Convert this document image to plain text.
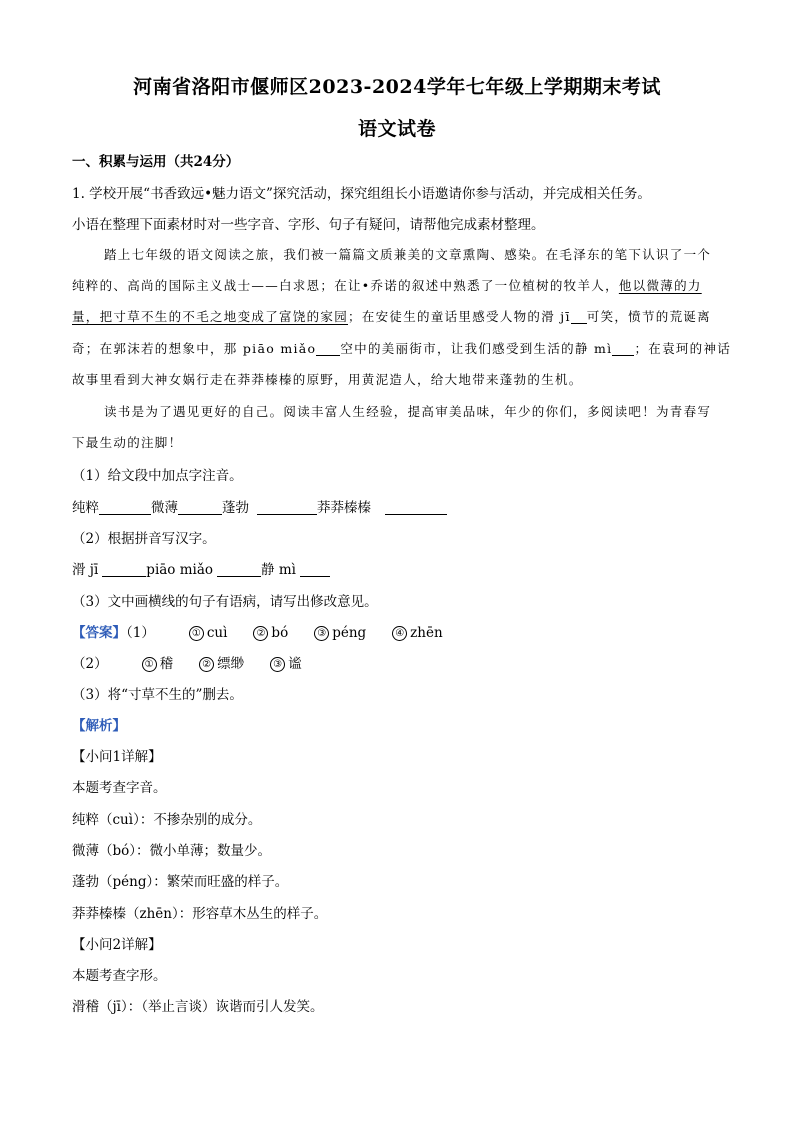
河南省洛阳市偃师区2023-2024学年七年级上学期期末考试
语文试卷
一、积累与运用（共24分）
1. 学校开展“书香致远•魅力语文”探究活动，探究组组长小语邀请你参与活动，并完成相关任务。
小语在整理下面素材时对一些字音、字形、句子有疑问，请帮他完成素材整理。
踏上七年级的语文阅读之旅，我们被一篇篇文质兼美的文章熏陶、感染。在毛泽东的笔下认识了一个
纯粹的、高尚的国际主义战士——白求恩；在让•乔诺的叙述中熟悉了一位植树的牧羊人，他以微薄的力
量，把寸草不生的不毛之地变成了富饶的家园；在安徒生的童话里感受人物的滑 jī 可笑，愤节的荒诞离
奇；在郭沫若的想象中，那 piāo miǎo 空中的美丽街市，让我们感受到生活的静 mì ；在袁珂的神话
故事里看到大神女娲行走在莽莽榛榛的原野，用黄泥造人，给大地带来蓬勃的生机。
读书是为了遇见更好的自己。阅读丰富人生经验，提高审美品味，年少的你们，多阅读吧！为青春写
下最生动的注脚！
（1）给文段中加点字注音。
纯粹	微薄	蓬勃	莽莽榛榛
（2）根据拼音写汉字。
滑 jī	piāo miǎo	静 mì
（3）文中画横线的句子有语病，请写出修改意见。
【答案】（1）	① cuì	② bó	③ péng	④ zhēn
（2）	① 稽	② 缥缈	③ 谧
（3）将“寸草不生的”删去。
【解析】
【小问1详解】
本题考查字音。
纯粹（cuì）：不掺杂别的成分。
微薄（bó）：微小单薄；数量少。
蓬勃（péng）：繁荣而旺盛的样子。
莽莽榛榛（zhēn）：形容草木丛生的样子。
【小问2详解】
本题考查字形。
滑稽（jī）：（举止言谈）诙谐而引人发笑。
